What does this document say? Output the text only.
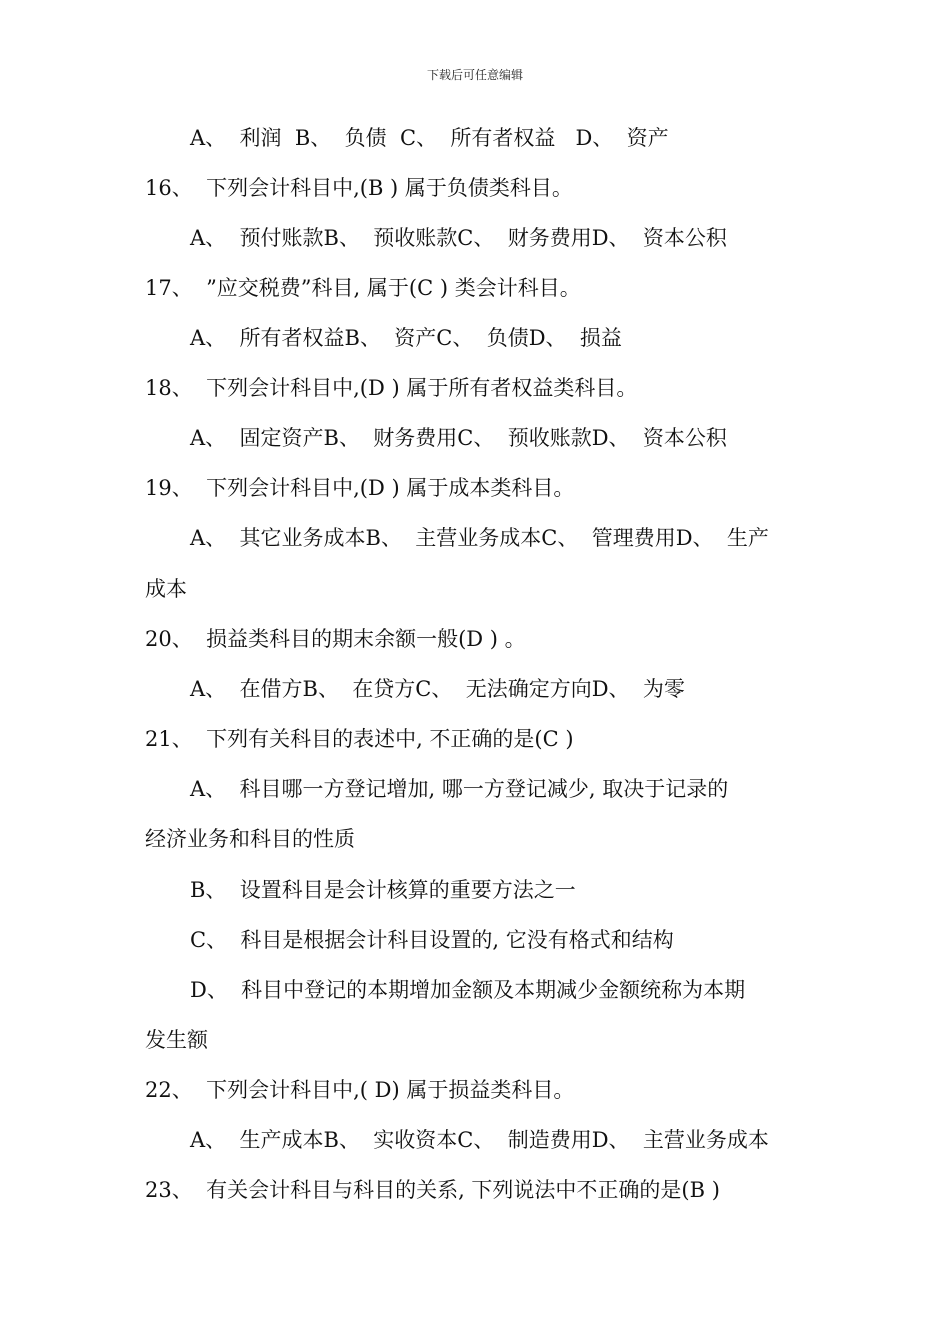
下载后可任意编辑
A、  利润  B、  负债  C、  所有者权益   D、  资产
16、  下列会计科目中,(B ) 属于负债类科目。
A、  预付账款B、  预收账款C、  财务费用D、  资本公积
17、  ”应交税费”科目, 属于(C ) 类会计科目。
A、  所有者权益B、  资产C、  负债D、  损益
18、  下列会计科目中,(D ) 属于所有者权益类科目。
A、  固定资产B、  财务费用C、  预收账款D、  资本公积
19、  下列会计科目中,(D ) 属于成本类科目。
A、  其它业务成本B、  主营业务成本C、  管理费用D、  生产
成本
20、  损益类科目的期末余额一般(D ) 。
A、  在借方B、  在贷方C、  无法确定方向D、  为零
21、  下列有关科目的表述中, 不正确的是(C )
A、  科目哪一方登记增加, 哪一方登记减少, 取决于记录的
经济业务和科目的性质
B、  设置科目是会计核算的重要方法之一
C、  科目是根据会计科目设置的, 它没有格式和结构
D、  科目中登记的本期增加金额及本期减少金额统称为本期
发生额
22、  下列会计科目中,( D) 属于损益类科目。
A、  生产成本B、  实收资本C、  制造费用D、  主营业务成本
23、  有关会计科目与科目的关系, 下列说法中不正确的是(B )
